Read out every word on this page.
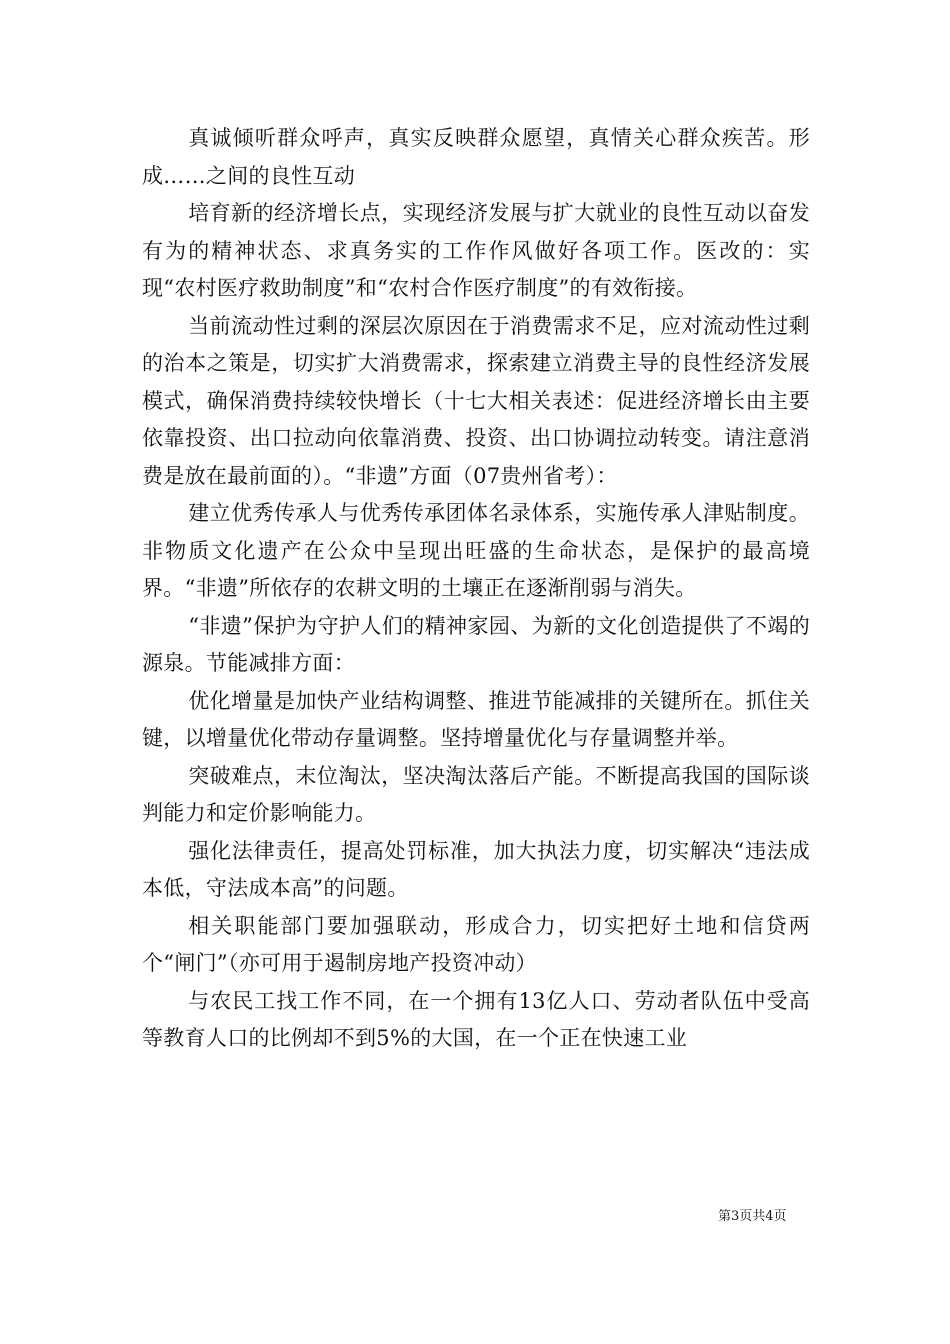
真诚倾听群众呼声，真实反映群众愿望，真情关心群众疾苦。形成……之间的良性互动

培育新的经济增长点，实现经济发展与扩大就业的良性互动以奋发有为的精神状态、求真务实的工作作风做好各项工作。医改的：实现“农村医疗救助制度”和“农村合作医疗制度”的有效衔接。

当前流动性过剩的深层次原因在于消费需求不足，应对流动性过剩的治本之策是，切实扩大消费需求，探索建立消费主导的良性经济发展模式，确保消费持续较快增长（十七大相关表述：促进经济增长由主要依靠投资、出口拉动向依靠消费、投资、出口协调拉动转变。请注意消费是放在最前面的）。“非遗”方面（07贵州省考）：

建立优秀传承人与优秀传承团体名录体系，实施传承人津贴制度。非物质文化遗产在公众中呈现出旺盛的生命状态，是保护的最高境界。“非遗”所依存的农耕文明的土壤正在逐渐削弱与消失。

“非遗”保护为守护人们的精神家园、为新的文化创造提供了不竭的源泉。节能减排方面：

优化增量是加快产业结构调整、推进节能减排的关键所在。抓住关键，以增量优化带动存量调整。坚持增量优化与存量调整并举。

突破难点，末位淘汰，坚决淘汰落后产能。不断提高我国的国际谈判能力和定价影响能力。

强化法律责任，提高处罚标准，加大执法力度，切实解决“违法成本低，守法成本高”的问题。

相关职能部门要加强联动，形成合力，切实把好土地和信贷两个“闸门”（亦可用于遏制房地产投资冲动）

与农民工找工作不同，在一个拥有13亿人口、劳动者队伍中受高等教育人口的比例却不到5%的大国，在一个正在快速工业

第3页共4页
